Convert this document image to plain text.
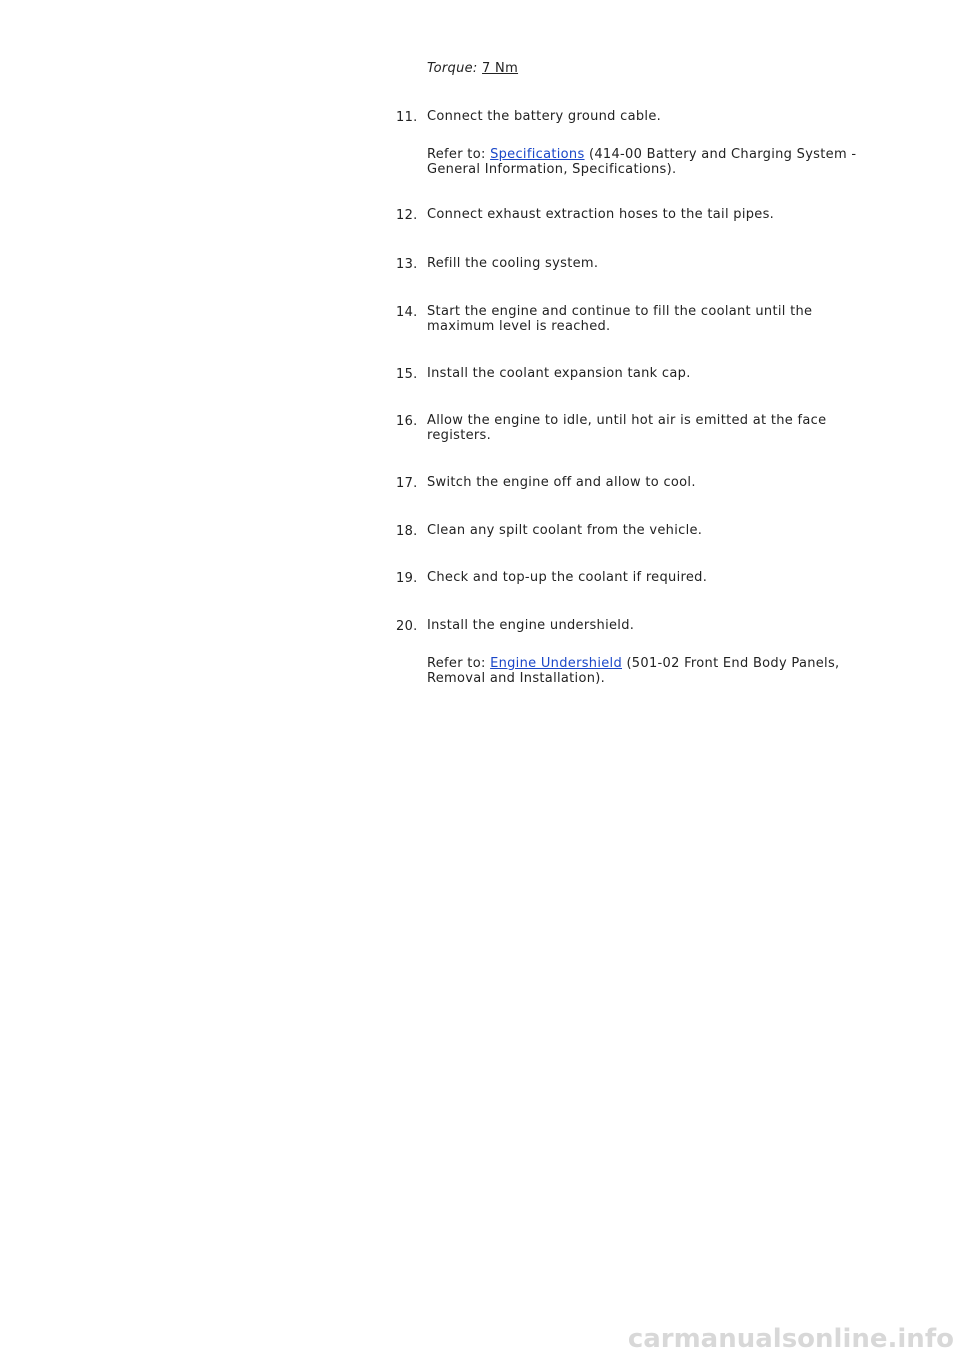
Torque: 7 Nm
11. Connect the battery ground cable.
Refer to: Specifications (414-00 Battery and Charging System - General Information, Specifications).
12. Connect exhaust extraction hoses to the tail pipes.
13. Refill the cooling system.
14. Start the engine and continue to fill the coolant until the maximum level is reached.
15. Install the coolant expansion tank cap.
16. Allow the engine to idle, until hot air is emitted at the face registers.
17. Switch the engine off and allow to cool.
18. Clean any spilt coolant from the vehicle.
19. Check and top-up the coolant if required.
20. Install the engine undershield.
Refer to: Engine Undershield (501-02 Front End Body Panels, Removal and Installation).
carmanualsonline.info
